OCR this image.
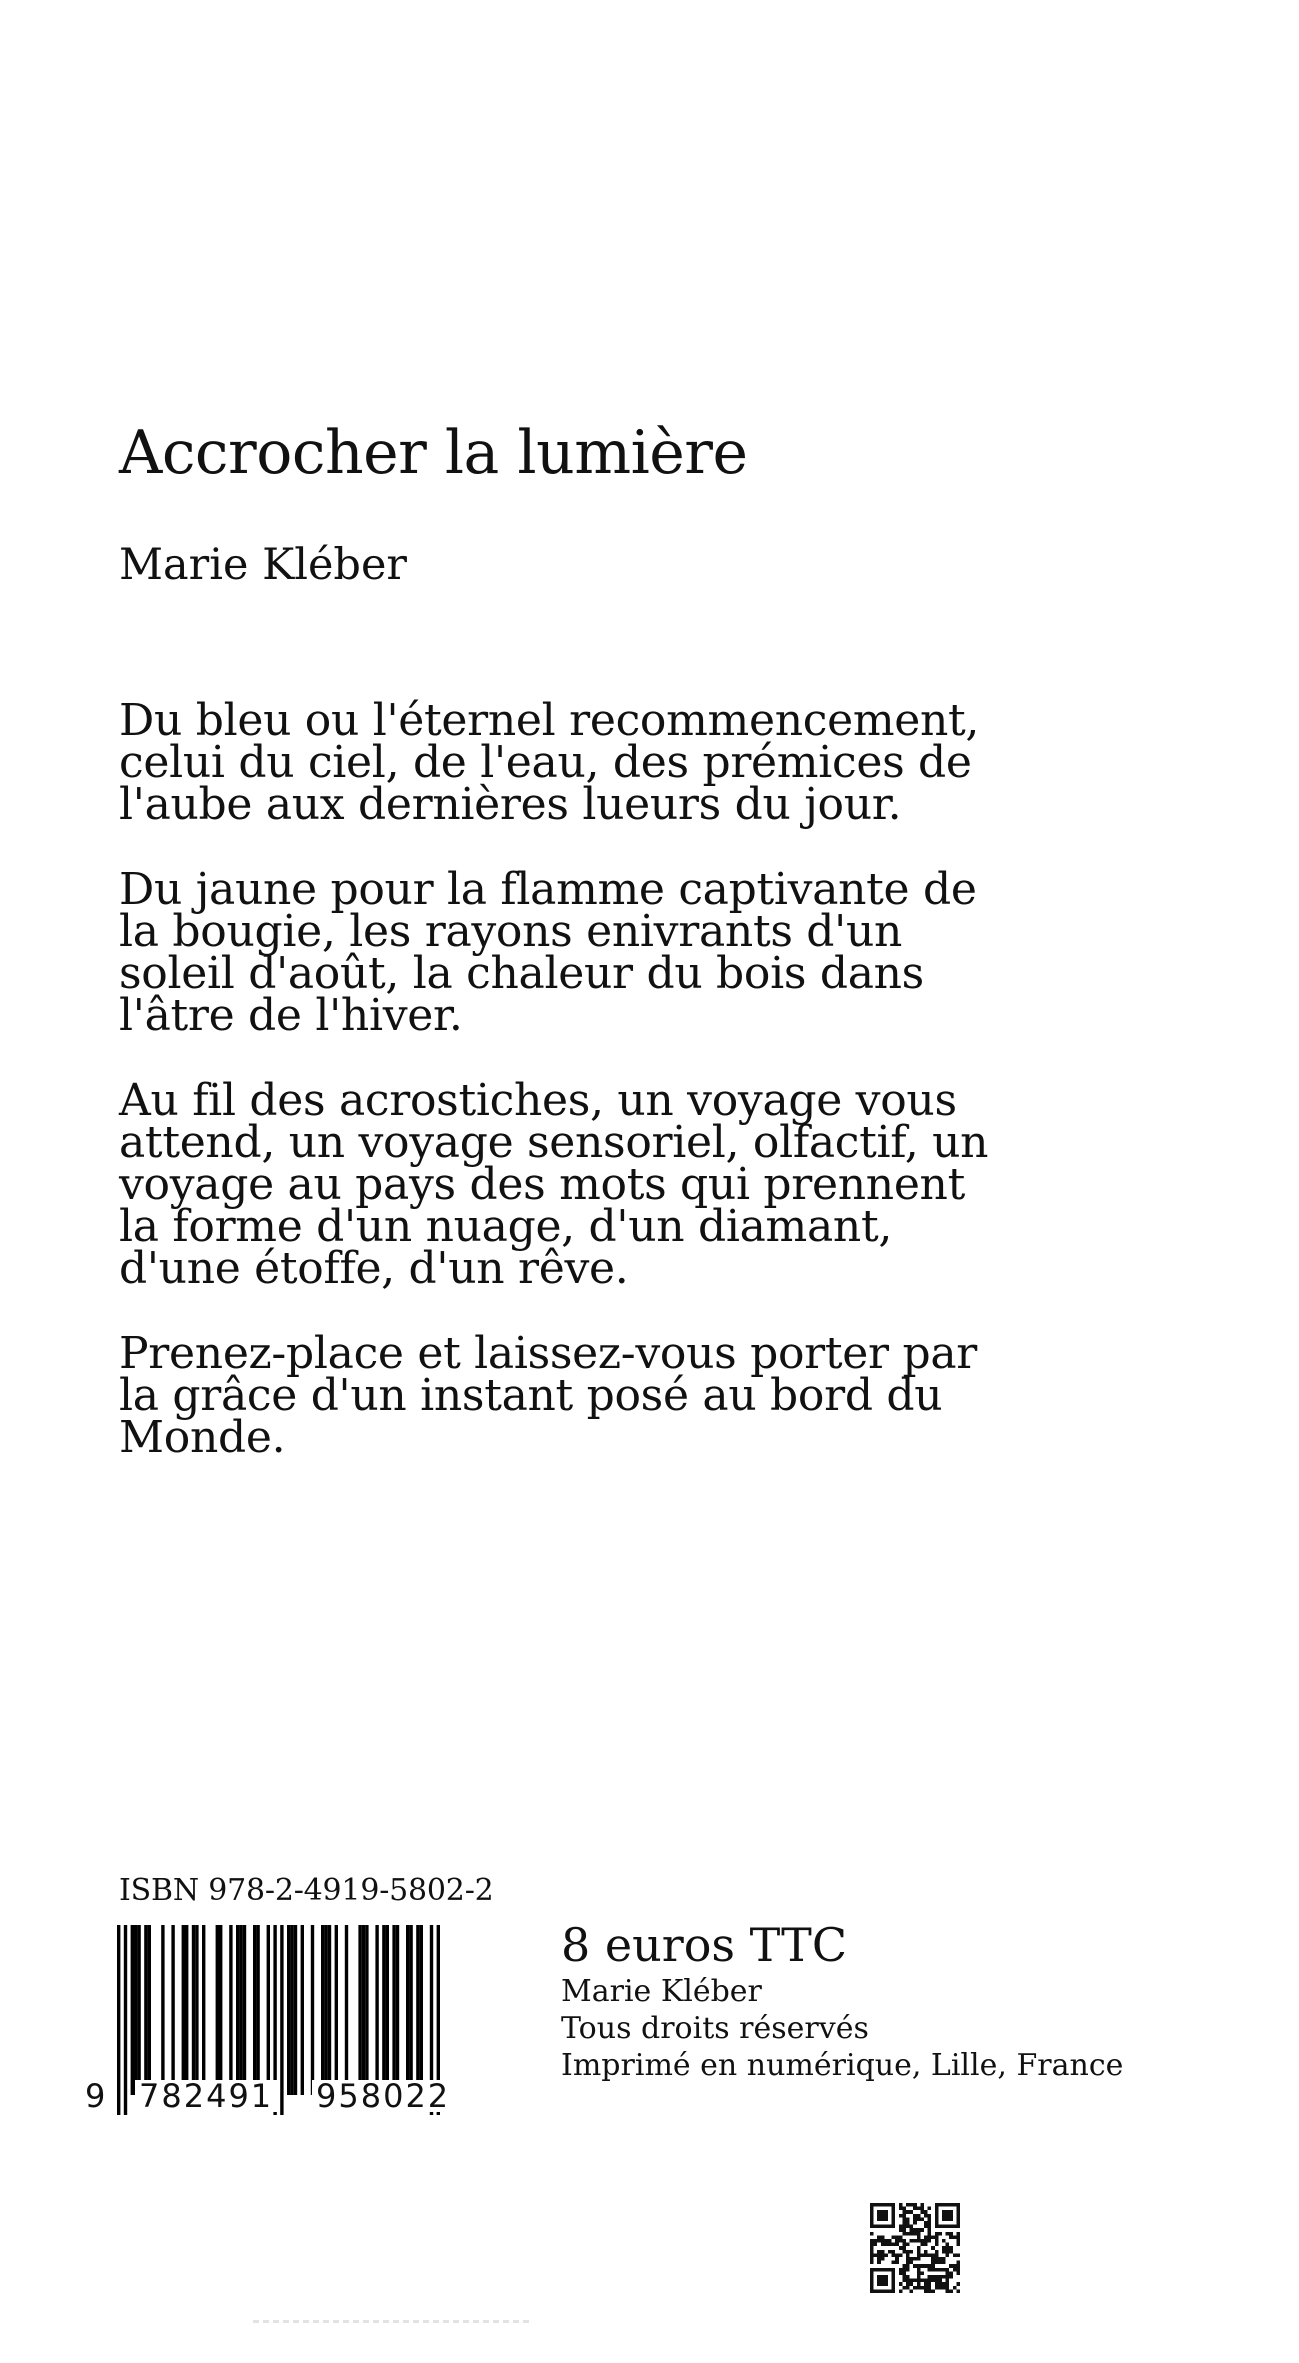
Accrocher la lumière
Marie Kléber

Du bleu ou l'éternel recommencement,
celui du ciel, de l'eau, des prémices de
l'aube aux dernières lueurs du jour.

Du jaune pour la flamme captivante de
la bougie, les rayons enivrants d'un
soleil d'août, la chaleur du bois dans
l'âtre de l'hiver.

Au fil des acrostiches, un voyage vous
attend, un voyage sensoriel, olfactif, un
voyage au pays des mots qui prennent
la forme d'un nuage, d'un diamant,
d'une étoffe, d'un rêve.

Prenez-place et laissez-vous porter par
la grâce d'un instant posé au bord du
Monde.

ISBN 978-2-4919-5802-2
9 782491 958022
8 euros TTC
Marie Kléber
Tous droits réservés
Imprimé en numérique, Lille, France
